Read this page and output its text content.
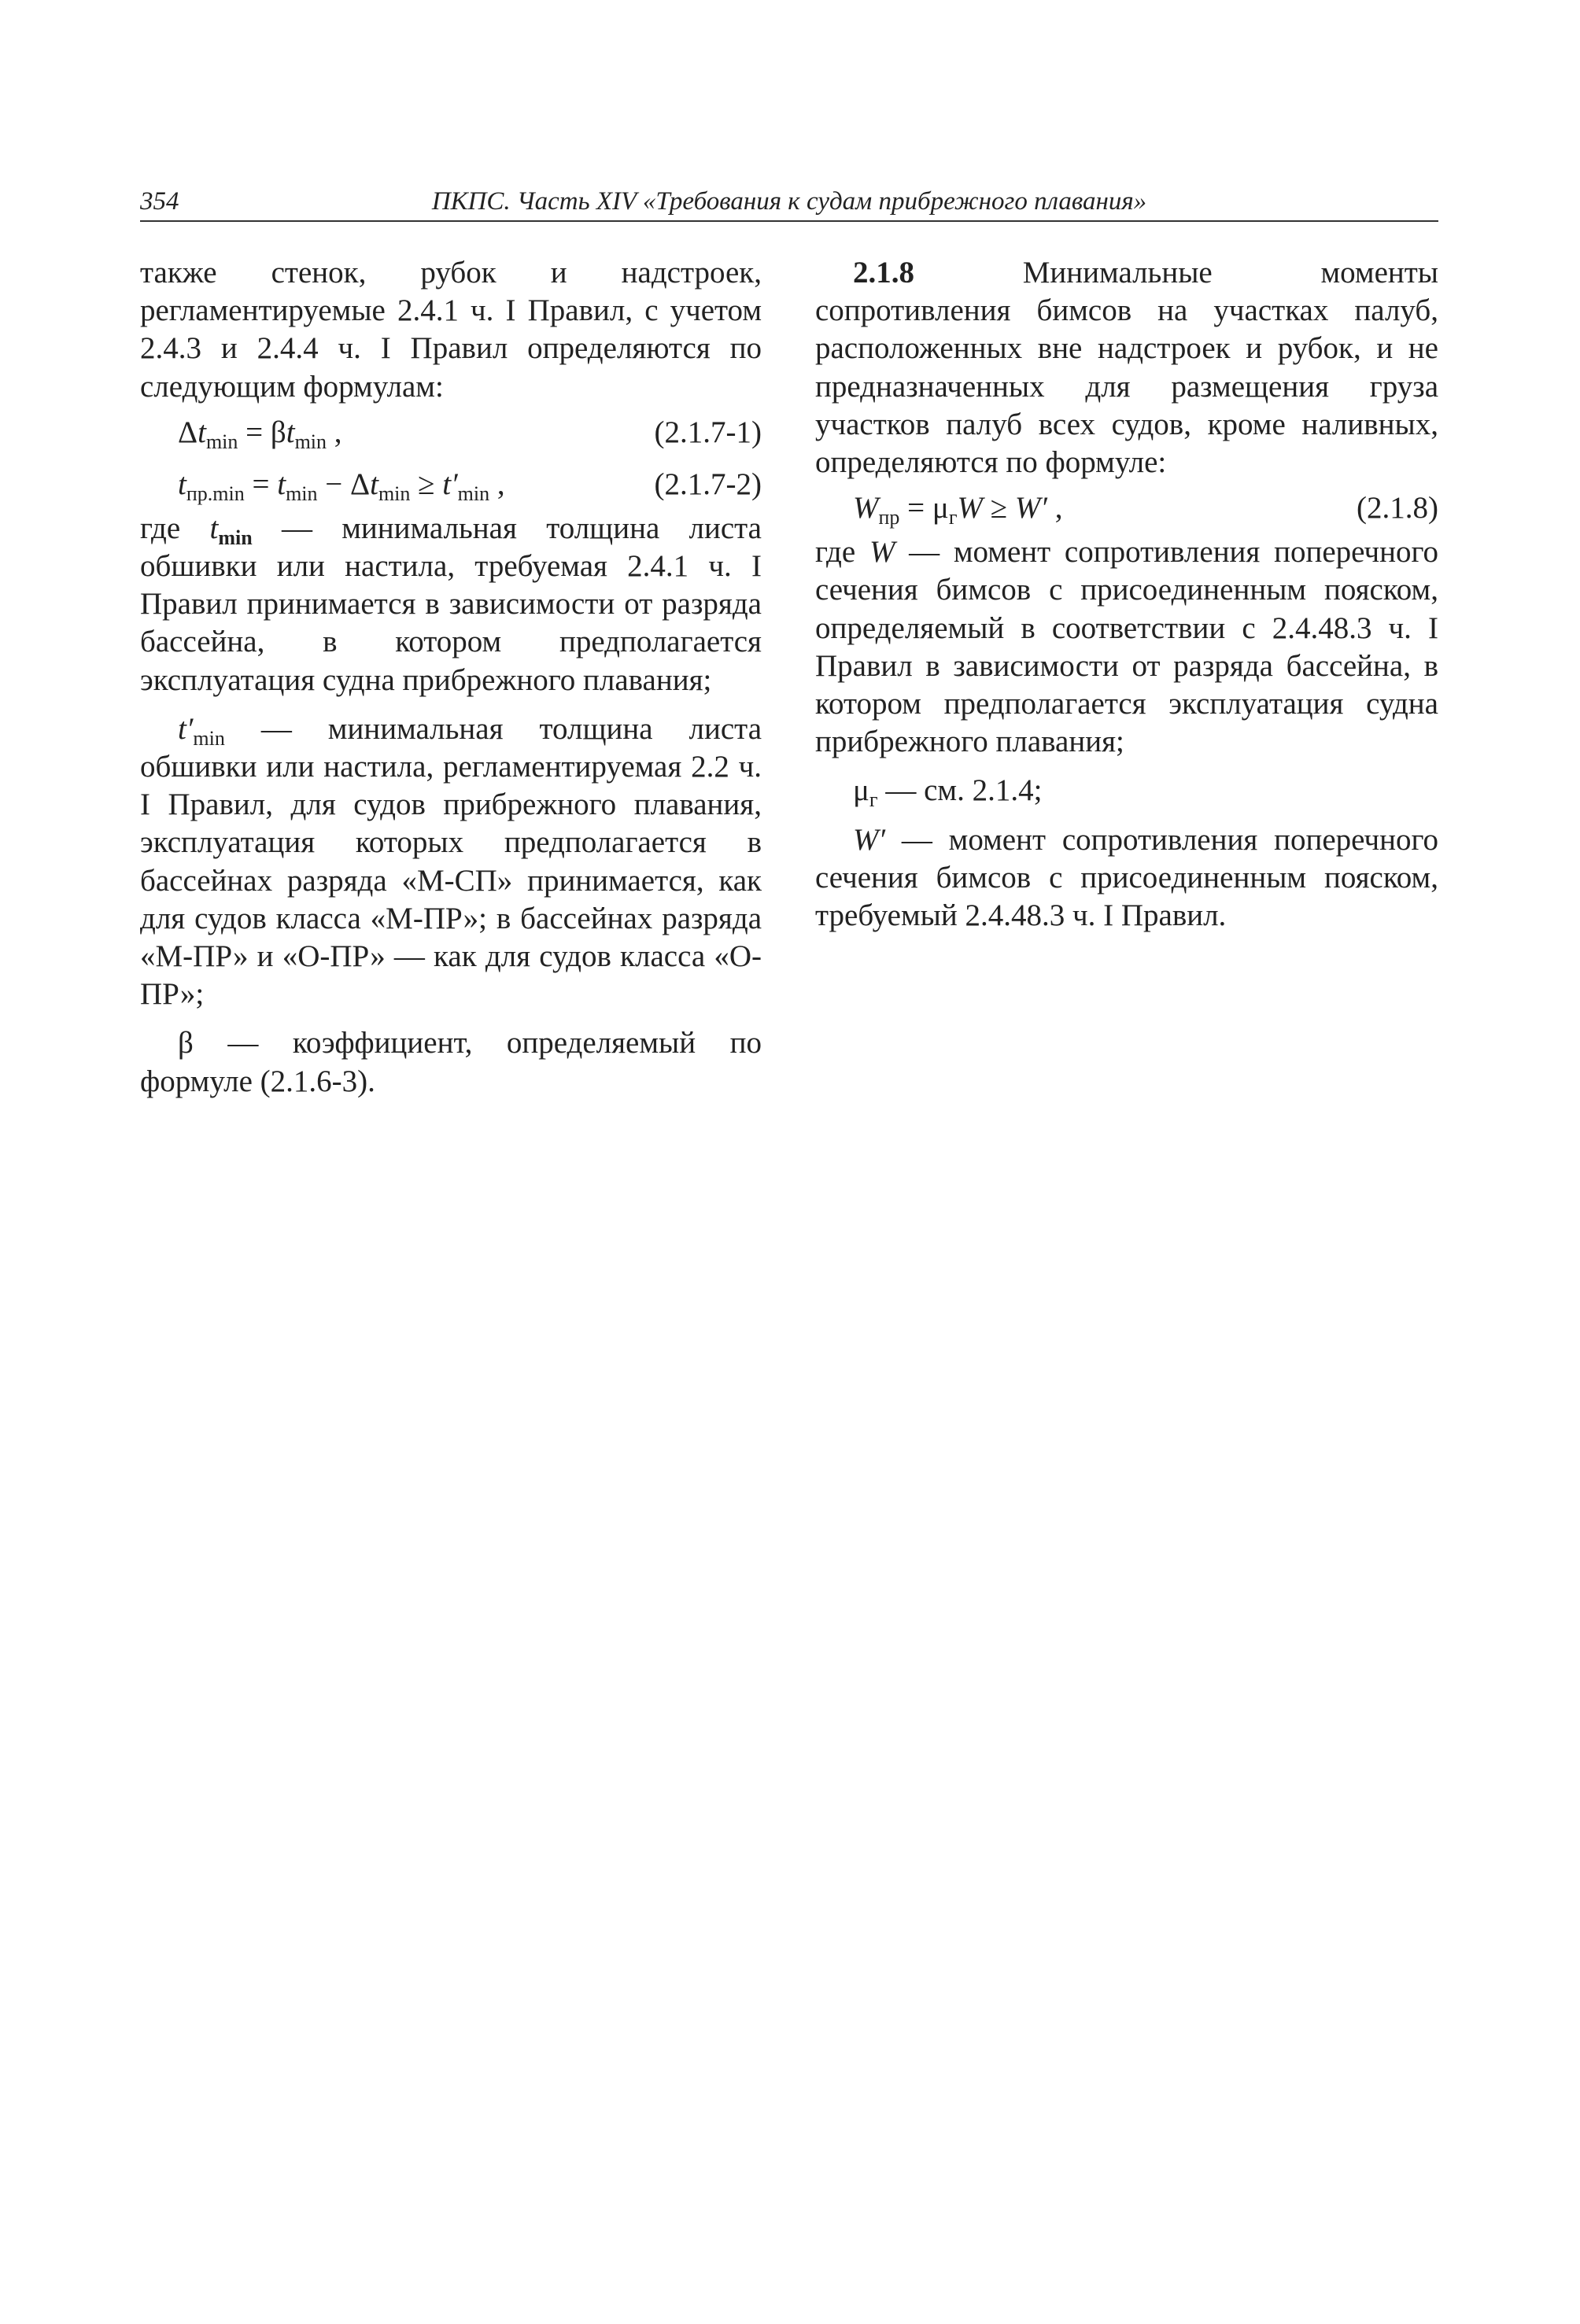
354	ПКПС. Часть XIV «Требования к судам прибрежного плавания»

также стенок, рубок и надстроек, регламентируемые 2.4.1 ч. I Правил, с учетом 2.4.3 и 2.4.4 ч. I Правил определяются по следующим формулам:

$\Delta t_{min} = \beta t_{min}$ ,	(2.1.7-1)
$t_{пр.min} = t_{min} - \Delta t_{min} \ge t'_{min}$ ,	(2.1.7-2)

где $t_{min}$ — минимальная толщина листа обшивки или настила, требуемая 2.4.1 ч. I Правил принимается в зависимости от разряда бассейна, в котором предполагается эксплуатация судна прибрежного плавания;

$t'_{min}$ — минимальная толщина листа обшивки или настила, регламентируемая 2.2 ч. I Правил, для судов прибрежного плавания, эксплуатация которых предполагается в бассейнах разряда «М-СП» принимается, как для судов класса «М-ПР»; в бассейнах разряда «М-ПР» и «О-ПР» — как для судов класса «О-ПР»;

β — коэффициент, определяемый по формуле (2.1.6-3).

2.1.8	Минимальные моменты сопротивления бимсов на участках палуб, расположенных вне надстроек и рубок, и не предназначенных для размещения груза участков палуб всех судов, кроме наливных, определяются по формуле:

$W_{пр} = \mu_гW \ge W'$ ,	(2.1.8)

где W — момент сопротивления поперечного сечения бимсов с присоединенным пояском, определяемый в соответствии с 2.4.48.3 ч. I Правил в зависимости от разряда бассейна, в котором предполагается эксплуатация судна прибрежного плавания;

$\mu_г$ — см. 2.1.4;

W′ — момент сопротивления поперечного сечения бимсов с присоединенным пояском, требуемый 2.4.48.3 ч. I Правил.
